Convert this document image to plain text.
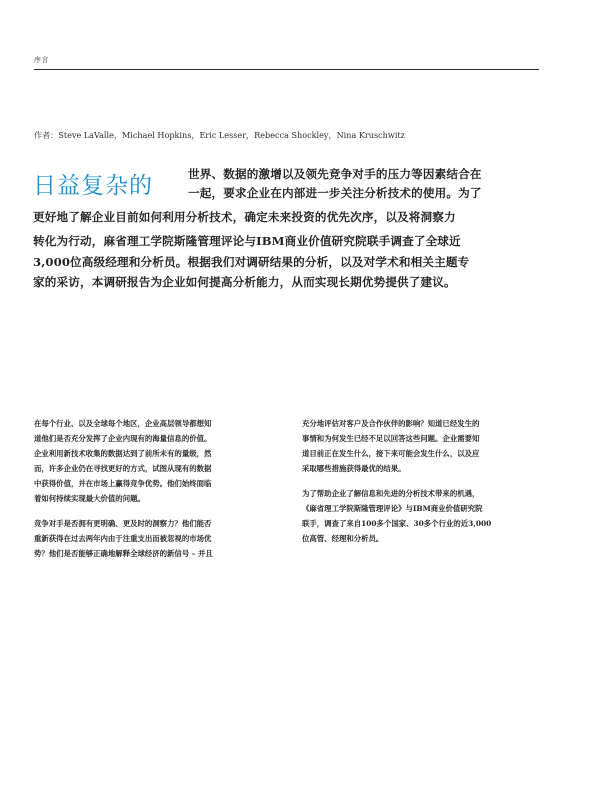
序言
作者：Steve LaValle，Michael Hopkins，Eric Lesser，Rebecca Shockley，Nina Kruschwitz
日益复杂的	世界、数据的激增以及领先竞争对手的压力等因素结合在
一起，要求企业在内部进一步关注分析技术的使用。为了
更好地了解企业目前如何利用分析技术，确定未来投资的优先次序，以及将洞察力
转化为行动，麻省理工学院斯隆管理评论与IBM商业价值研究院联手调查了全球近
3,000位高级经理和分析员。根据我们对调研结果的分析，以及对学术和相关主题专
家的采访，本调研报告为企业如何提高分析能力，从而实现长期优势提供了建议。
在每个行业、以及全球每个地区，企业高层领导都想知
道他们是否充分发挥了企业内现有的海量信息的价值。
企业利用新技术收集的数据达到了前所未有的量级，然
而，许多企业仍在寻找更好的方式，试图从现有的数据
中获得价值，并在市场上赢得竞争优势。他们始终面临
着如何持续实现最大价值的问题。
竞争对手是否拥有更明确、更及时的洞察力？他们能否
重新获得在过去两年内由于注重支出而被忽视的市场优
势？他们是否能够正确地解释全球经济的新信号 – 并且
充分地评估对客户及合作伙伴的影响？知道已经发生的
事情和为何发生已经不足以回答这些问题。企业需要知
道目前正在发生什么，接下来可能会发生什么，以及应
采取哪些措施获得最优的结果。
为了帮助企业了解信息和先进的分析技术带来的机遇，
《麻省理工学院斯隆管理评论》与IBM商业价值研究院
联手，调查了来自100多个国家、30多个行业的近3,000
位高管、经理和分析员。
